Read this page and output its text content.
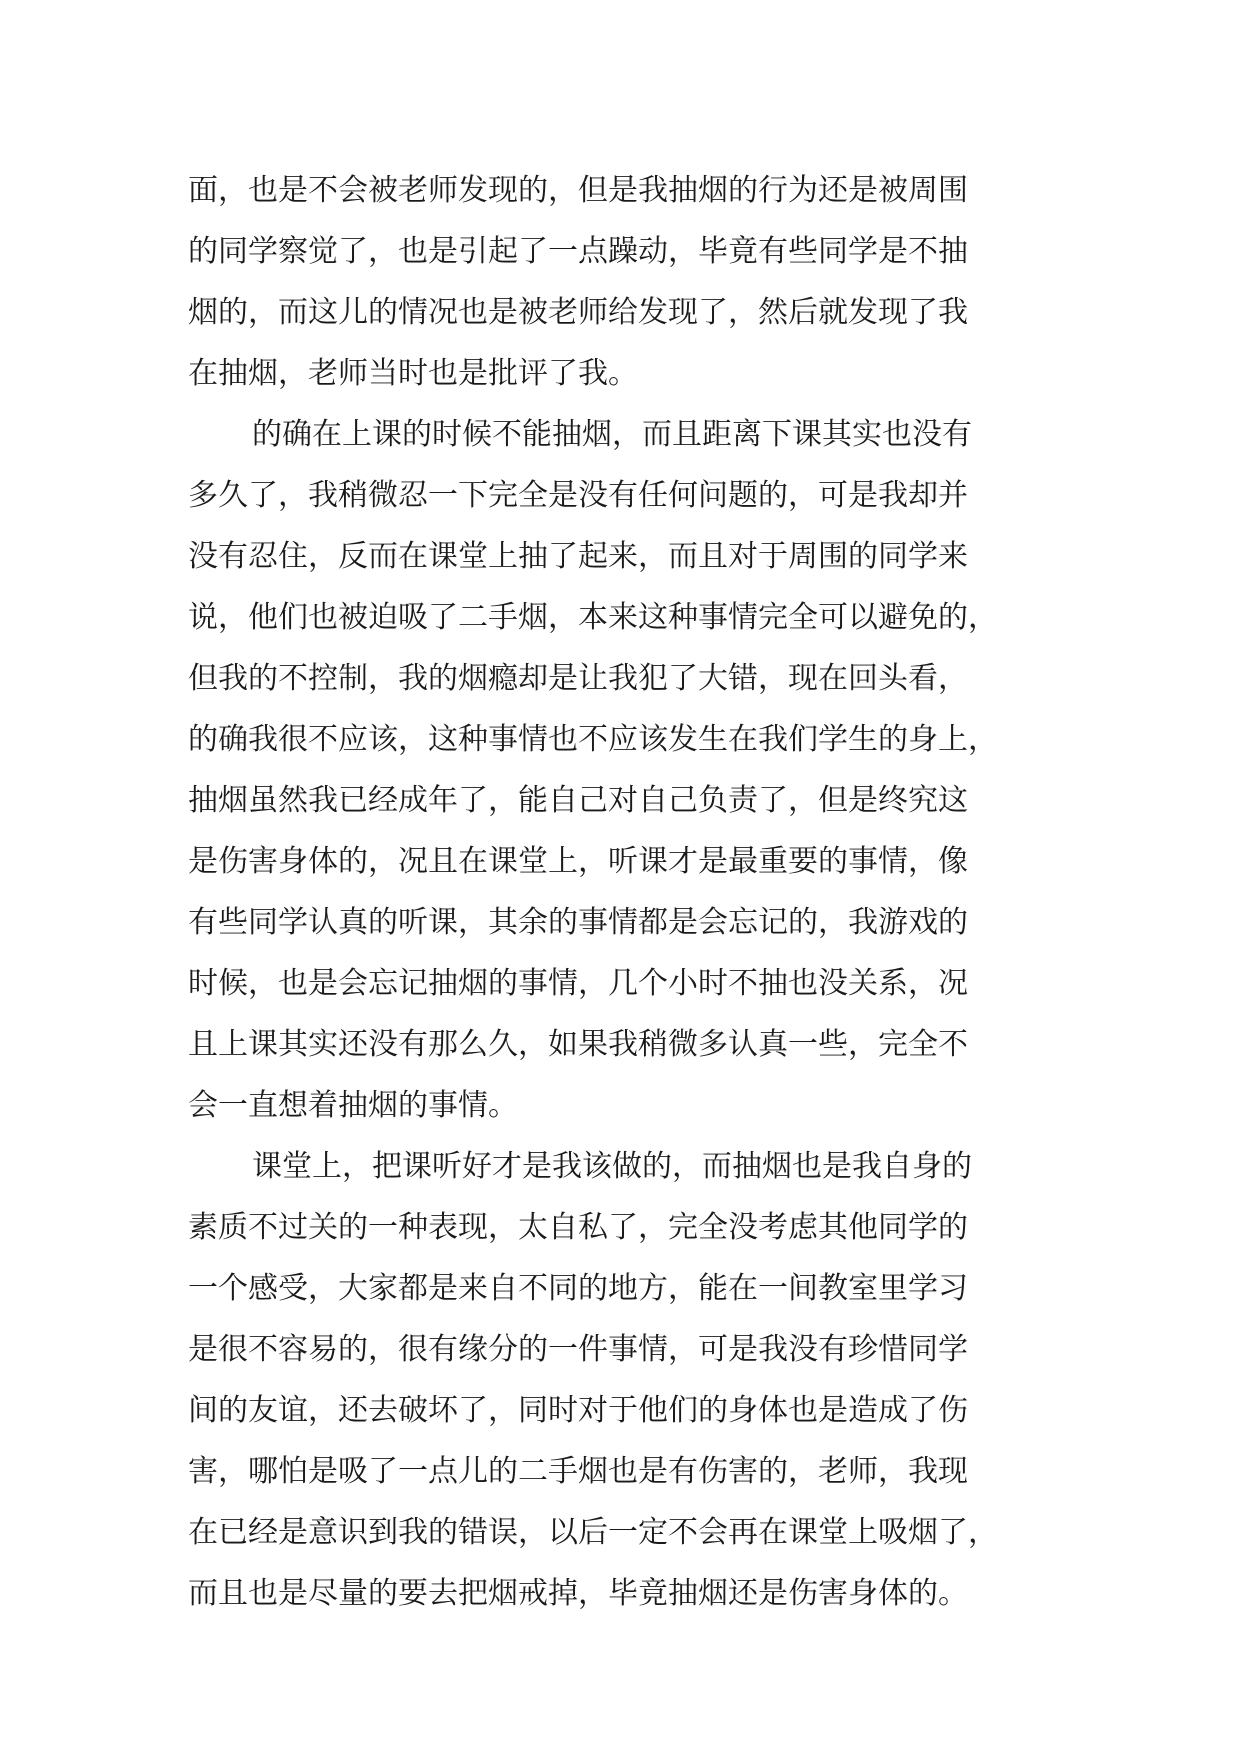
面，也是不会被老师发现的，但是我抽烟的行为还是被周围
的同学察觉了，也是引起了一点躁动，毕竟有些同学是不抽
烟的，而这儿的情况也是被老师给发现了，然后就发现了我
在抽烟，老师当时也是批评了我。
的确在上课的时候不能抽烟，而且距离下课其实也没有
多久了，我稍微忍一下完全是没有任何问题的，可是我却并
没有忍住，反而在课堂上抽了起来，而且对于周围的同学来
说，他们也被迫吸了二手烟，本来这种事情完全可以避免的，
但我的不控制，我的烟瘾却是让我犯了大错，现在回头看，
的确我很不应该，这种事情也不应该发生在我们学生的身上，
抽烟虽然我已经成年了，能自己对自己负责了，但是终究这
是伤害身体的，况且在课堂上，听课才是最重要的事情，像
有些同学认真的听课，其余的事情都是会忘记的，我游戏的
时候，也是会忘记抽烟的事情，几个小时不抽也没关系，况
且上课其实还没有那么久，如果我稍微多认真一些，完全不
会一直想着抽烟的事情。
课堂上，把课听好才是我该做的，而抽烟也是我自身的
素质不过关的一种表现，太自私了，完全没考虑其他同学的
一个感受，大家都是来自不同的地方，能在一间教室里学习
是很不容易的，很有缘分的一件事情，可是我没有珍惜同学
间的友谊，还去破坏了，同时对于他们的身体也是造成了伤
害，哪怕是吸了一点儿的二手烟也是有伤害的，老师，我现
在已经是意识到我的错误，以后一定不会再在课堂上吸烟了，
而且也是尽量的要去把烟戒掉，毕竟抽烟还是伤害身体的。
